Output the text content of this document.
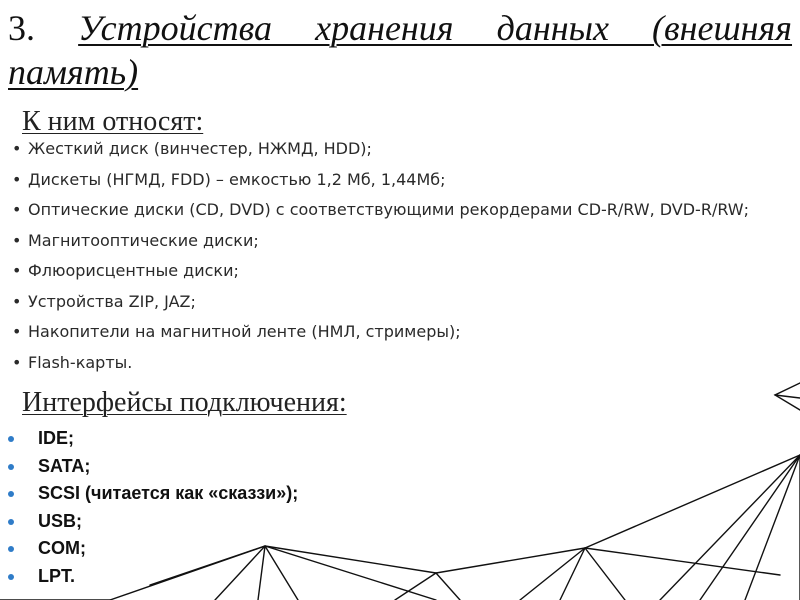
3. Устройства хранения данных (внешняя память)
К ним относят:
• Жесткий диск (винчестер, НЖМД, HDD);
• Дискеты (НГМД, FDD) – емкостью 1,2 Мб, 1,44Мб;
• Оптические диски (CD, DVD) с соответствующими рекордерами CD-R/RW, DVD-R/RW;
• Магнитооптические диски;
• Флюорисцентные диски;
• Устройства ZIP, JAZ;
• Накопители на магнитной ленте (НМЛ, стримеры);
• Flash-карты.
Интерфейсы подключения:
IDE;
SATA;
SCSI (читается как «сказзи»);
USB;
COM;
LPT.
